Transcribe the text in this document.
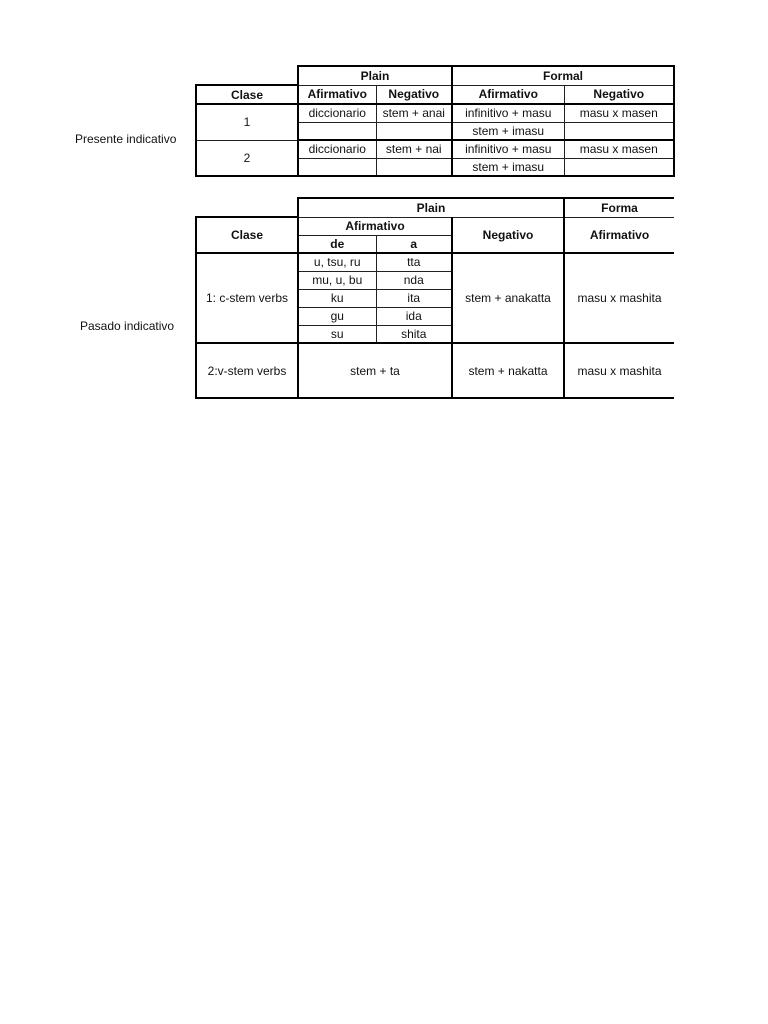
Presente indicativo
Pasado indicativo
	Plain		Formal	
Clase	Afirmativo	Negativo	Afirmativo	Negativo
1	diccionario	stem + anai	infinitivo + masu	masu x masen
			stem + imasu	
2	diccionario	stem + nai	infinitivo + masu	masu x masen
			stem + imasu	
	Plain			Forma
Clase	Afirmativo		Negativo	Afirmativo
	de	a		
1: c-stem verbs	u, tsu, ru	tta	stem + anakatta	masu x mashita
	mu, u, bu	nda		
	ku	ita		
	gu	ida		
	su	shita		
2:v-stem verbs	stem + ta		stem + nakatta	masu x mashita
